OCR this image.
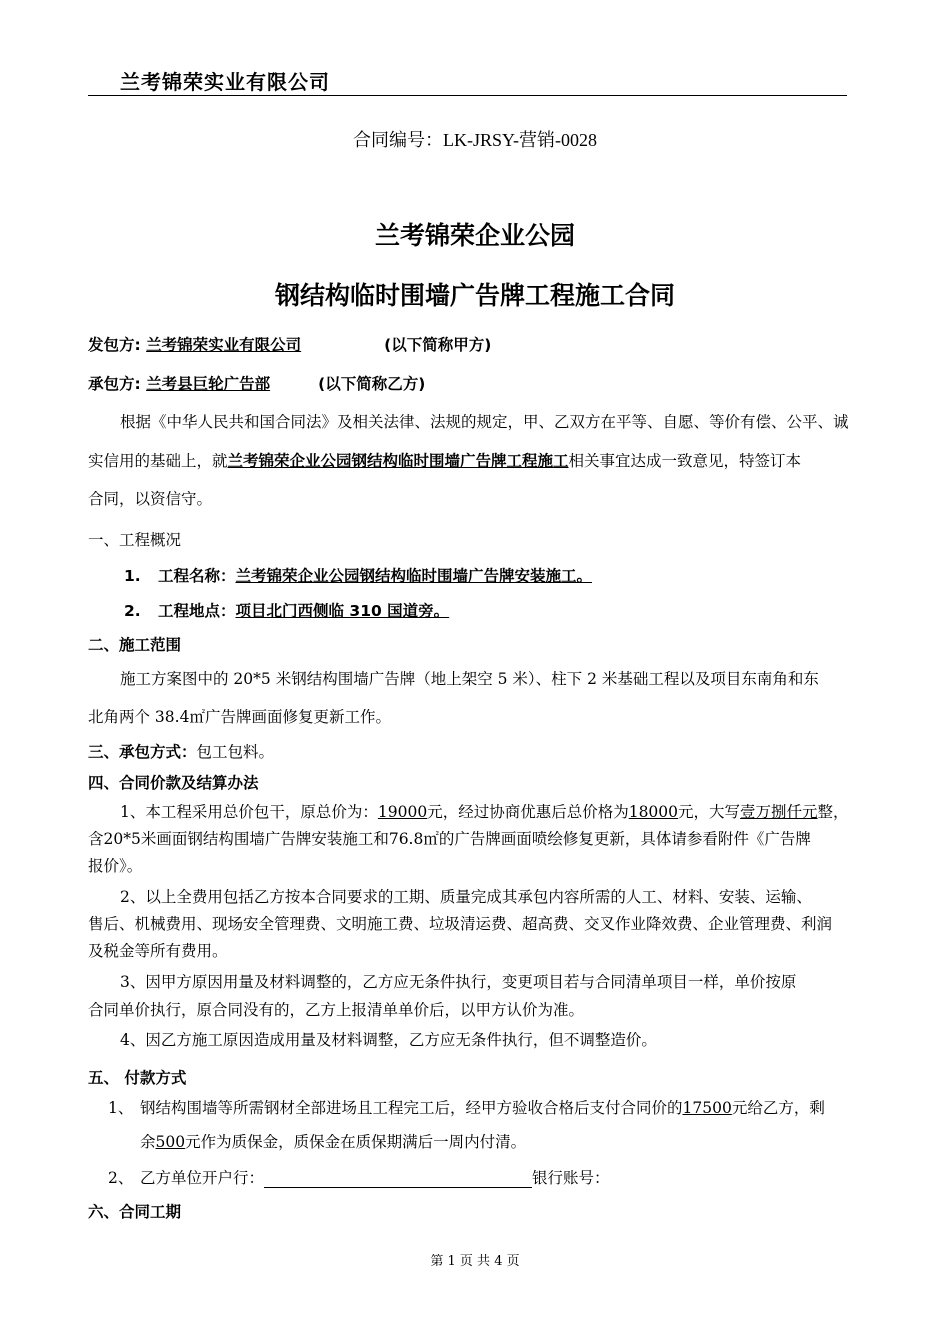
兰考锦荣实业有限公司
合同编号：LK-JRSY-营销-0028
兰考锦荣企业公园
钢结构临时围墙广告牌工程施工合同
发包方: 兰考锦荣实业有限公司	(以下简称甲方)
承包方: 兰考县巨轮广告部	(以下简称乙方)
根据《中华人民共和国合同法》及相关法律、法规的规定，甲、乙双方在平等、自愿、等价有偿、公平、诚
实信用的基础上，就兰考锦荣企业公园钢结构临时围墙广告牌工程施工相关事宜达成一致意见，特签订本
合同，以资信守。
一、工程概况
1. 工程名称：兰考锦荣企业公园钢结构临时围墙广告牌安装施工。
2. 工程地点：项目北门西侧临 310 国道旁。
二、施工范围
施工方案图中的 20*5 米钢结构围墙广告牌（地上架空 5 米）、柱下 2 米基础工程以及项目东南角和东
北角两个 38.4㎡广告牌画面修复更新工作。
三、承包方式：包工包料。
四、合同价款及结算办法
1、本工程采用总价包干，原总价为：19000元，经过协商优惠后总价格为18000元，大写壹万捌仟元整，
含20*5米画面钢结构围墙广告牌安装施工和76.8㎡的广告牌画面喷绘修复更新，具体请参看附件《广告牌
报价》。
2、以上全费用包括乙方按本合同要求的工期、质量完成其承包内容所需的人工、材料、安装、运输、
售后、机械费用、现场安全管理费、文明施工费、垃圾清运费、超高费、交叉作业降效费、企业管理费、利润
及税金等所有费用。
3、因甲方原因用量及材料调整的，乙方应无条件执行，变更项目若与合同清单项目一样，单价按原
合同单价执行，原合同没有的，乙方上报清单单价后，以甲方认价为准。
4、因乙方施工原因造成用量及材料调整，乙方应无条件执行，但不调整造价。
五、 付款方式
1、 钢结构围墙等所需钢材全部进场且工程完工后，经甲方验收合格后支付合同价的17500元给乙方，剩
余500元作为质保金，质保金在质保期满后一周内付清。
2、 乙方单位开户行：	银行账号：
六、合同工期
第 1 页 共 4 页
